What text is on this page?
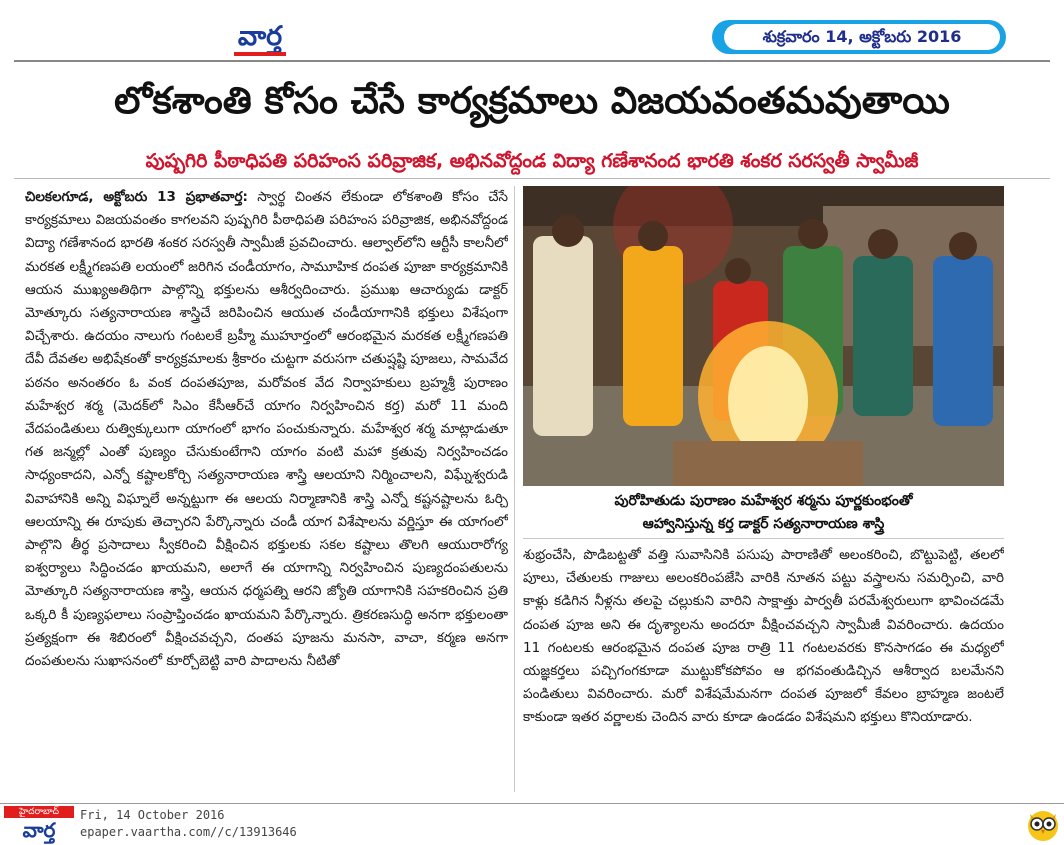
వార్త	శుక్రవారం 14, అక్టోబరు 2016
లోకశాంతి కోసం చేసే కార్యక్రమాలు విజయవంతమవుతాయి
పుష్పగిరి పీఠాధిపతి పరిహంస పరివ్రాజిక, అభినవోద్దండ విద్యా గణేశానంద భారతి శంకర సరస్వతీ స్వామీజీ
చిలకలగూడ, అక్టోబరు 13 ప్రభాతవార్త: స్వార్థ చింతన లేకుండా లోకశాంతి కోసం చేసే కార్యక్రమాలు విజయవంతం కాగలవని పుష్పగిరి పీఠాధిపతి పరిహంస పరివ్రాజిక, అభినవోద్దండ విద్యా గణేశానంద భారతి శంకర సరస్వతీ స్వామీజీ ప్రవచించారు. ఆల్వాల్‌లోని ఆర్టీసీ కాలనీలో మరకత లక్ష్మీగణపతి లయంలో జరిగిన చండీయాగం, సామూహిక దంపత పూజా కార్యక్రమానికి ఆయన ముఖ్యఅతిథిగా పాల్గొన్ని భక్తులను ఆశీర్వదించారు. ప్రముఖ ఆచార్యుడు డాక్టర్ మోత్కూరు సత్యనారాయణ శాస్త్రిచే జరిపించిన ఆయుత చండీయాగానికి భక్తులు విశేషంగా విచ్చేశారు. ఉదయం నాలుగు గంటలకే బ్రహ్మీ ముహూర్తంలో ఆరంభమైన మరకత లక్ష్మీగణపతి దేవీ దేవతల అభిషేకంతో కార్యక్రమాలకు శ్రీకారం చుట్టగా వరుసగా చతుష్షష్టి పూజలు, సామవేద పఠనం అనంతరం ఓ వంక దంపతపూజ, మరోవంక వేద నిర్వాహకులు బ్రహ్మశ్రీ పురాణం మహేశ్వర శర్మ (మెదక్‌లో సిఎం కేసీఆర్‌చే యాగం నిర్వహించిన కర్త) మరో 11 మంది వేదపండితులు రుత్విక్కులుగా యాగంలో భాగం పంచుకున్నారు. మహేశ్వర శర్మ మాట్లాడుతూ గత జన్మల్లో ఎంతో పుణ్యం చేసుకుంటేగాని యాగం వంటి మహా క్రతువు నిర్వహించడం సాధ్యంకాదని, ఎన్నో కష్టాలకోర్చి సత్యనారాయణ శాస్త్రి ఆలయాని నిర్మించాలని, విఘ్నేశ్వరుడి వివాహానికి అన్ని విఘ్నాలే అన్నట్టుగా ఈ ఆలయ నిర్మాణానికి శాస్త్రి ఎన్నో కష్టనష్టాలను ఓర్చి ఆలయాన్ని ఈ రూపుకు తెచ్చారని పేర్కొన్నారు చండీ యాగ విశేషాలను వర్ణిస్తూ ఈ యాగంలో పాల్గొని తీర్థ ప్రసాదాలు స్వీకరించి వీక్షించిన భక్తులకు సకల కష్టాలు తొలగి ఆయురారోగ్య ఐశ్వర్యాలు సిద్ధించడం ఖాయమని, అలాగే ఈ యాగాన్ని నిర్వహించిన పుణ్యదంపతులను మోత్కూరి సత్యనారాయణ శాస్త్రి, ఆయన ధర్మపత్ని ఆరని జ్యోతి యాగానికి సహకరించిన ప్రతి ఒక్కరి కీ పుణ్యఫలాలు సంప్రాప్తించడం ఖాయమని పేర్కొన్నారు. త్రికరణసుద్ధి అనగా భక్తులంతా ప్రత్యక్షంగా ఈ శిబిరంలో వీక్షించవచ్చని, దంతప పూజను మనసా, వాచా, కర్మణ అనగా దంపతులను సుఖాసనంలో కూర్చోబెట్టి వారి పాదాలను నీటితో
పురోహితుడు పురాణం మహేశ్వర శర్మను పూర్ణకుంభంతో
ఆహ్వానిస్తున్న కర్త డాక్టర్ సత్యనారాయణ శాస్త్రి
శుభ్రంచేసి, పొడిబట్టతో వత్తి సువాసినికి పసుపు పారాణితో అలంకరించి, బొట్టుపెట్టి, తలలో పూలు, చేతులకు గాజులు అలంకరింపజేసి వారికి నూతన పట్టు వస్త్రాలను సమర్పించి, వారి కాళ్లు కడిగిన నీళ్లను తలపై చల్లుకుని వారిని సాక్షాత్తు పార్వతీ పరమేశ్వరులుగా భావించడమే దంపత పూజ అని ఈ దృశ్యాలను అందరూ వీక్షించవచ్చని స్వామీజీ వివరించారు. ఉదయం 11 గంటలకు ఆరంభమైన దంపత పూజ రాత్రి 11 గంటలవరకు కొనసాగడం ఈ మధ్యలో యజ్ఞకర్తలు పచ్చిగంగకూడా ముట్టుకోకపోవం ఆ భగవంతుడిచ్చిన ఆశీర్వాద బలమేనని పండితులు వివరించారు. మరో విశేషమేమనగా దంపత పూజలో కేవలం బ్రాహ్మణ జంటలే కాకుండా ఇతర వర్ణాలకు చెందిన వారు కూడా ఉండడం విశేషమని భక్తులు కొనియాడారు.
హైదరాబాద్
వార్త
Fri, 14 October 2016
epaper.vaartha.com//c/13913646
